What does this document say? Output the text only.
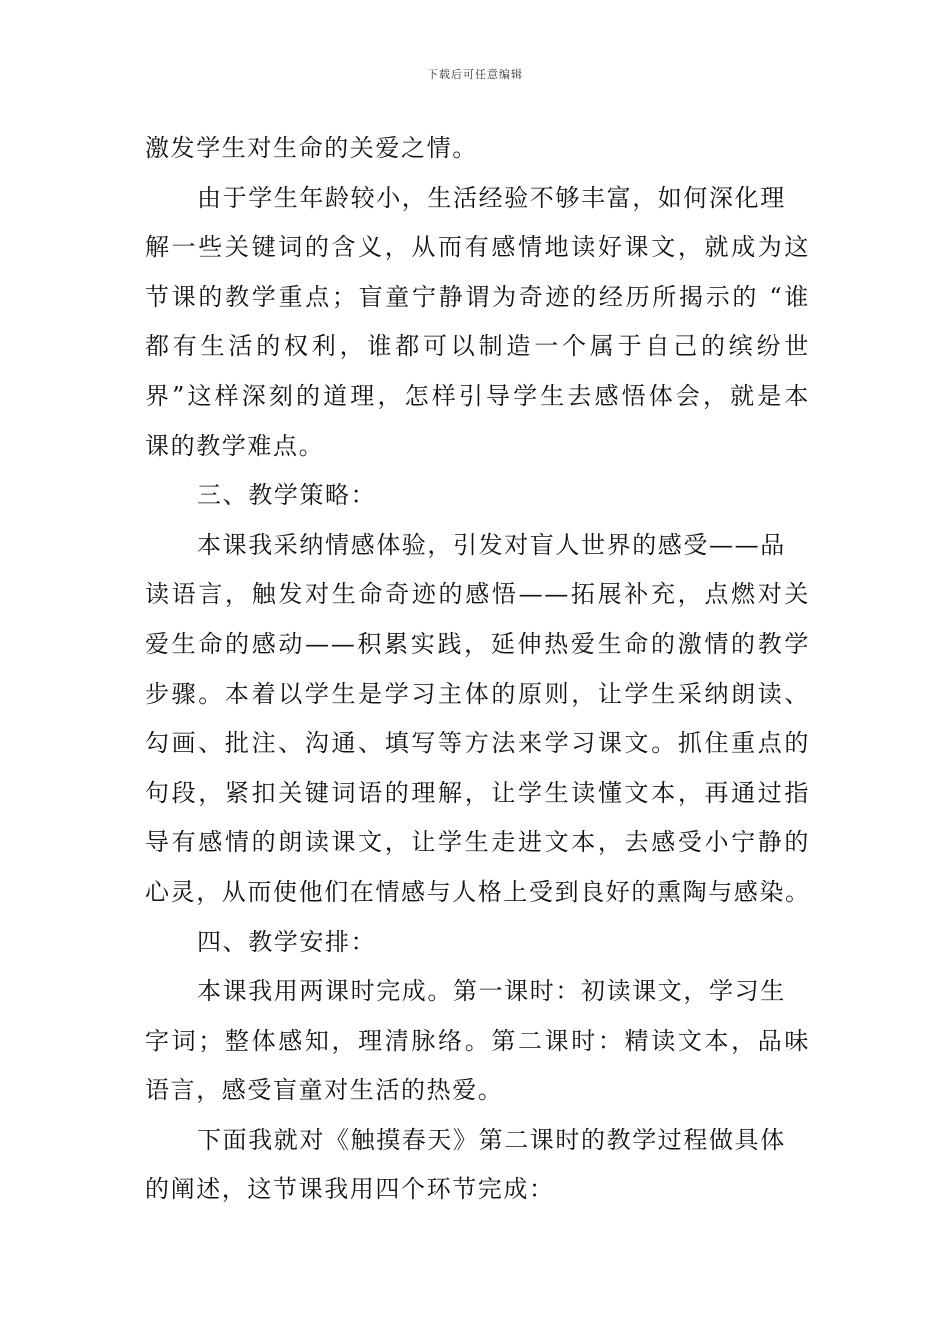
下载后可任意编辑
激发学生对生命的关爱之情。
由于学生年龄较小，生活经验不够丰富，如何深化理
解一些关键词的含义，从而有感情地读好课文，就成为这
节课的教学重点；盲童宁静谓为奇迹的经历所揭示的 “谁
都有生活的权利，谁都可以制造一个属于自己的缤纷世
界”这样深刻的道理，怎样引导学生去感悟体会，就是本
课的教学难点。
三、教学策略：
本课我采纳情感体验，引发对盲人世界的感受——品
读语言，触发对生命奇迹的感悟——拓展补充，点燃对关
爱生命的感动——积累实践，延伸热爱生命的激情的教学
步骤。本着以学生是学习主体的原则，让学生采纳朗读、
勾画、批注、沟通、填写等方法来学习课文。抓住重点的
句段，紧扣关键词语的理解，让学生读懂文本，再通过指
导有感情的朗读课文，让学生走进文本，去感受小宁静的
心灵，从而使他们在情感与人格上受到良好的熏陶与感染。
四、教学安排：
本课我用两课时完成。第一课时：初读课文，学习生
字词；整体感知，理清脉络。第二课时：精读文本，品味
语言，感受盲童对生活的热爱。
下面我就对《触摸春天》第二课时的教学过程做具体
的阐述，这节课我用四个环节完成：
